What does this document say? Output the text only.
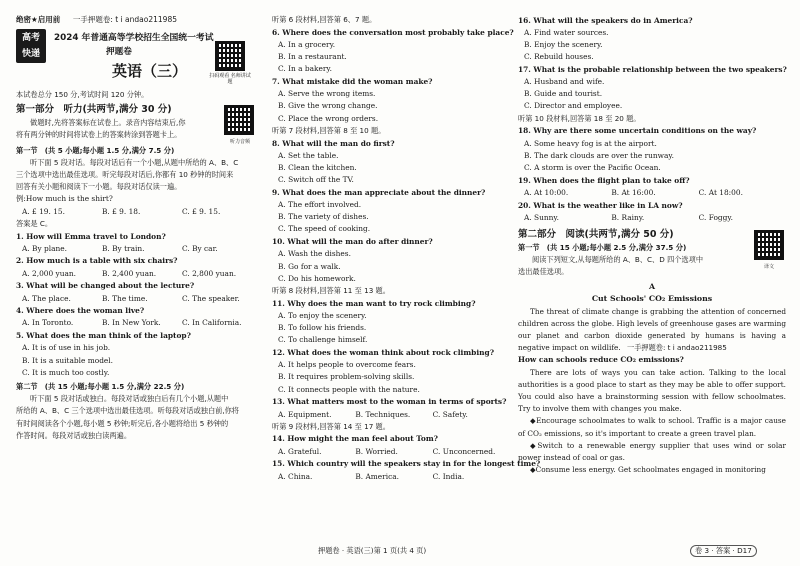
绝密★启用前 一手押题卷: t i andao211985
高考
快递
2024 年普通高等学校招生全国统一考试
押题卷
英语（三）	扫码观看 名师讲试题
本试卷总分 150 分,考试时间 120 分钟。
第一部分　听力(共两节,满分 30 分)
做题时,先将答案标在试卷上。录音内容结束后,你
将有两分钟的时间将试卷上的答案转涂到答题卡上。
听力音频
第一节　(共 5 小题;每小题 1.5 分,满分 7.5 分)
听下面 5 段对话。每段对话后有一个小题,从题中所给的 A、B、C
三个选项中选出最佳选项。听完每段对话后,你都有 10 秒钟的时间来
回答有关小题和阅读下一小题。每段对话仅读一遍。
例:How much is the shirt?
A. £ 19. 15.	B. £ 9. 18.	C. £ 9. 15.
答案是 C。
1. How will Emma travel to London?
A. By plane.	B. By train.	C. By car.
2. How much is a table with six chairs?
A. 2,000 yuan.	B. 2,400 yuan.	C. 2,800 yuan.
3. What will be changed about the lecture?
A. The place.	B. The time.	C. The speaker.
4. Where does the woman live?
A. In Toronto.	B. In New York.	C. In California.
5. What does the man think of the laptop?
A. It is of use in his job.
B. It is a suitable model.
C. It is much too costly.
第二节　(共 15 小题;每小题 1.5 分,满分 22.5 分)
听下面 5 段对话或独白。每段对话或独白后有几个小题,从题中
所给的 A、B、C 三个选项中选出最佳选项。听每段对话或独白前,你将
有时间阅读各个小题,每小题 5 秒钟;听完后,各小题将给出 5 秒钟的
作答时间。每段对话或独白读两遍。
听第 6 段材料,回答第 6、7 题。
6. Where does the conversation most probably take place?
A. In a grocery.
B. In a restaurant.
C. In a bakery.
7. What mistake did the woman make?
A. Serve the wrong items.
B. Give the wrong change.
C. Place the wrong orders.
听第 7 段材料,回答第 8 至 10 题。
8. What will the man do first?
A. Set the table.
B. Clean the kitchen.
C. Switch off the TV.
9. What does the man appreciate about the dinner?
A. The effort involved.
B. The variety of dishes.
C. The speed of cooking.
10. What will the man do after dinner?
A. Wash the dishes.
B. Go for a walk.
C. Do his homework.
听第 8 段材料,回答第 11 至 13 题。
11. Why does the man want to try rock climbing?
A. To enjoy the scenery.
B. To follow his friends.
C. To challenge himself.
12. What does the woman think about rock climbing?
A. It helps people to overcome fears.
B. It requires problem-solving skills.
C. It connects people with the nature.
13. What matters most to the woman in terms of sports?
A. Equipment.	B. Techniques.	C. Safety.
听第 9 段材料,回答第 14 至 17 题。
14. How might the man feel about Tom?
A. Grateful.	B. Worried.	C. Unconcerned.
15. Which country will the speakers stay in for the longest time?
A. China.	B. America.	C. India.
16. What will the speakers do in America?
A. Find water sources.
B. Enjoy the scenery.
C. Rebuild houses.
17. What is the probable relationship between the two speakers?
A. Husband and wife.
B. Guide and tourist.
C. Director and employee.
听第 10 段材料,回答第 18 至 20 题。
18. Why are there some uncertain conditions on the way?
A. Some heavy fog is at the airport.
B. The dark clouds are over the runway.
C. A storm is over the Pacific Ocean.
19. When does the flight plan to take off?
A. At 10:00.	B. At 16:00.	C. At 18:00.
20. What is the weather like in LA now?
A. Sunny.	B. Rainy.	C. Foggy.
第二部分　阅读(共两节,满分 50 分)
第一节　(共 15 小题;每小题 2.5 分,满分 37.5 分)
阅读下列短文,从每题所给的 A、B、C、D 四个选项中
选出最佳选项。
译文
A
Cut Schools' CO₂ Emissions
The threat of climate change is grabbing the attention of concerned children across the globe. High levels of greenhouse gases are warming our planet and carbon dioxide generated by humans is having a negative impact on wildlife. 一手押题卷: t i andao211985
How can schools reduce CO₂ emissions?
There are lots of ways you can take action. Talking to the local authorities is a good place to start as they may be able to offer support. You could also have a brainstorming session with fellow schoolmates. Try to involve them with changes you make.
◆Encourage schoolmates to walk to school. Traffic is a major cause of CO₂ emissions, so it's important to create a green travel plan.
◆Switch to a renewable energy supplier that uses wind or solar power instead of coal or gas.
◆Consume less energy. Get schoolmates engaged in monitoring
押题卷 · 英语(三)第 1 页(共 4 页)	卷 3 · 答案 · D17
